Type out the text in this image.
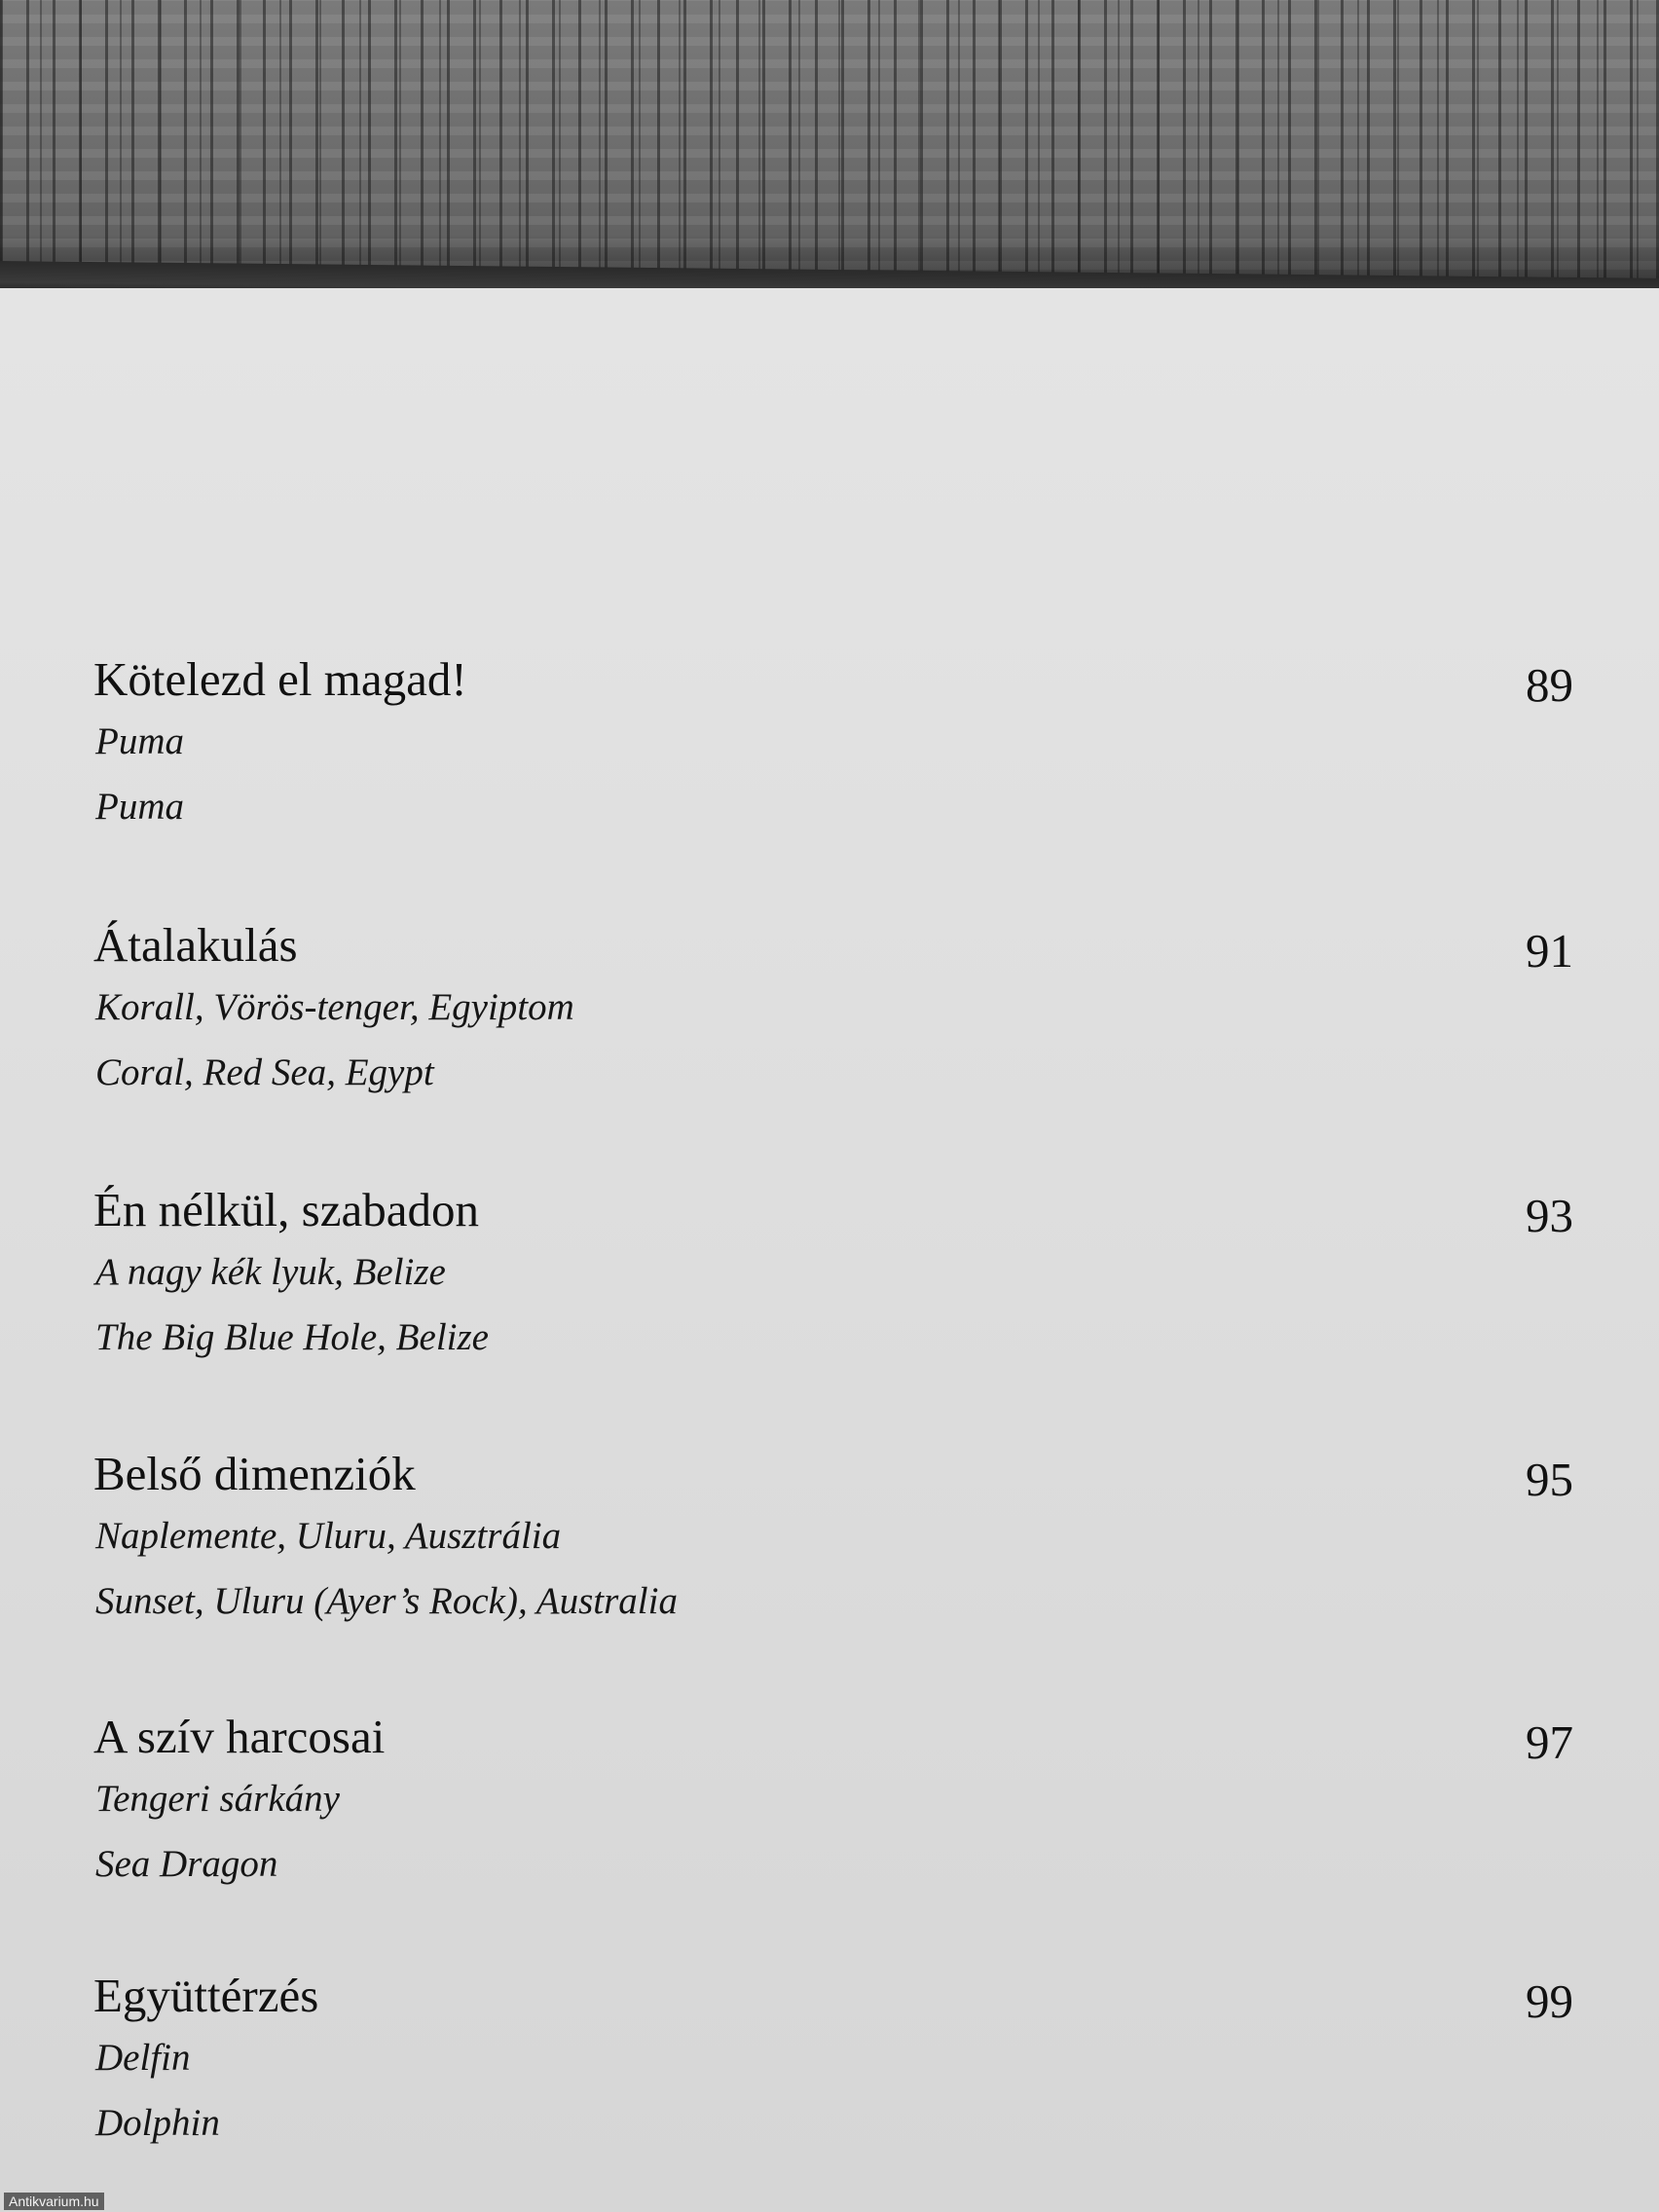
Kötelezd el magad!	89
Puma
Puma
Átalakulás	91
Korall, Vörös-tenger, Egyiptom
Coral, Red Sea, Egypt
Én nélkül, szabadon	93
A nagy kék lyuk, Belize
The Big Blue Hole, Belize
Belső dimenziók	95
Naplemente, Uluru, Ausztrália
Sunset, Uluru (Ayer’s Rock), Australia
A szív harcosai	97
Tengeri sárkány
Sea Dragon
Együttérzés	99
Delfin
Dolphin
Antikvarium.hu
